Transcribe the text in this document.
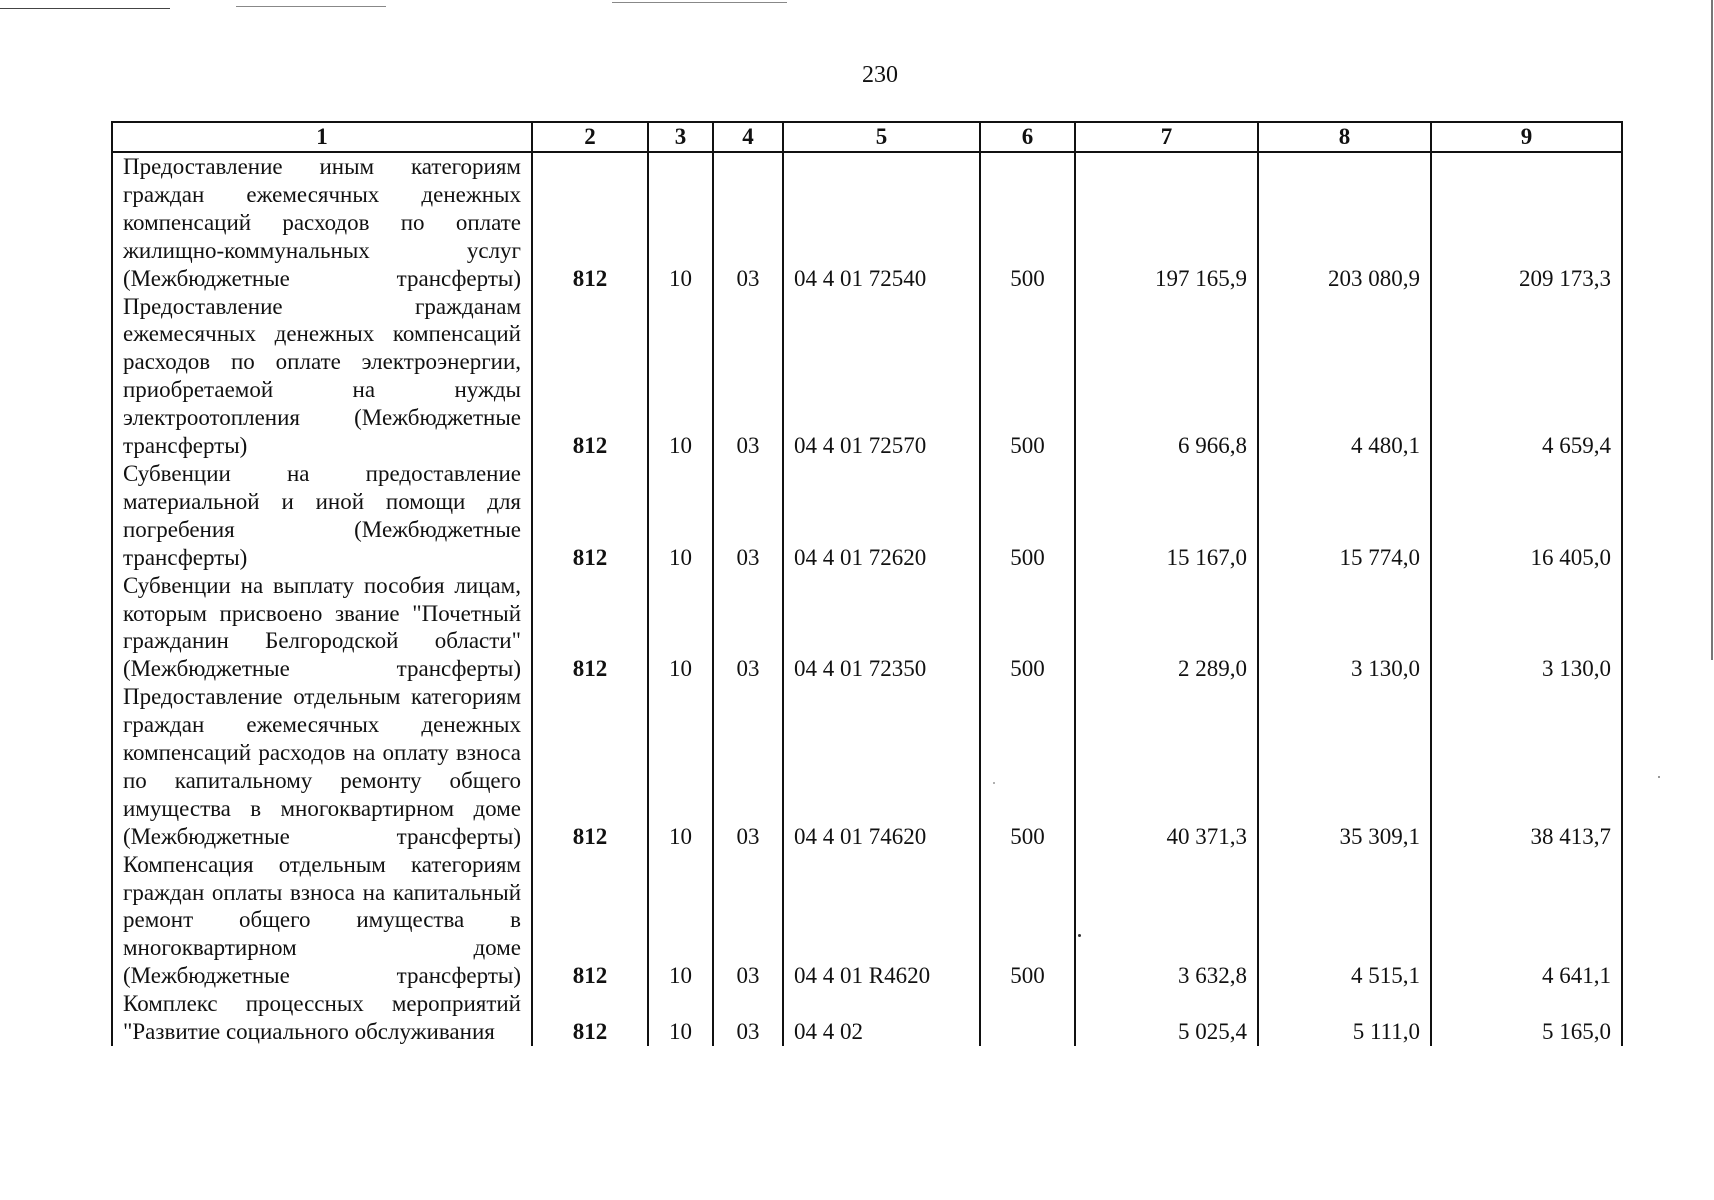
230
1	2	3	4	5	6	7	8	9
Предоставление иным категориям граждан ежемесячных денежных компенсаций расходов по оплате жилищно-коммунальных услуг (Межбюджетные трансферты)	812	10	03	04 4 01 72540	500	197 165,9	203 080,9	209 173,3
Предоставление гражданам ежемесячных денежных компенсаций расходов по оплате электроэнергии, приобретаемой на нужды электроотопления (Межбюджетные трансферты)	812	10	03	04 4 01 72570	500	6 966,8	4 480,1	4 659,4
Субвенции на предоставление материальной и иной помощи для погребения (Межбюджетные трансферты)	812	10	03	04 4 01 72620	500	15 167,0	15 774,0	16 405,0
Субвенции на выплату пособия лицам, которым присвоено звание "Почетный гражданин Белгородской области" (Межбюджетные трансферты)	812	10	03	04 4 01 72350	500	2 289,0	3 130,0	3 130,0
Предоставление отдельным категориям граждан ежемесячных денежных компенсаций расходов на оплату взноса по капитальному ремонту общего имущества в многоквартирном доме (Межбюджетные трансферты)	812	10	03	04 4 01 74620	500	40 371,3	35 309,1	38 413,7
Компенсация отдельным категориям граждан оплаты взноса на капитальный ремонт общего имущества в многоквартирном доме (Межбюджетные трансферты)	812	10	03	04 4 01 R4620	500	3 632,8	4 515,1	4 641,1
Комплекс процессных мероприятий "Развитие социального обслуживания	812	10	03	04 4 02		5 025,4	5 111,0	5 165,0
